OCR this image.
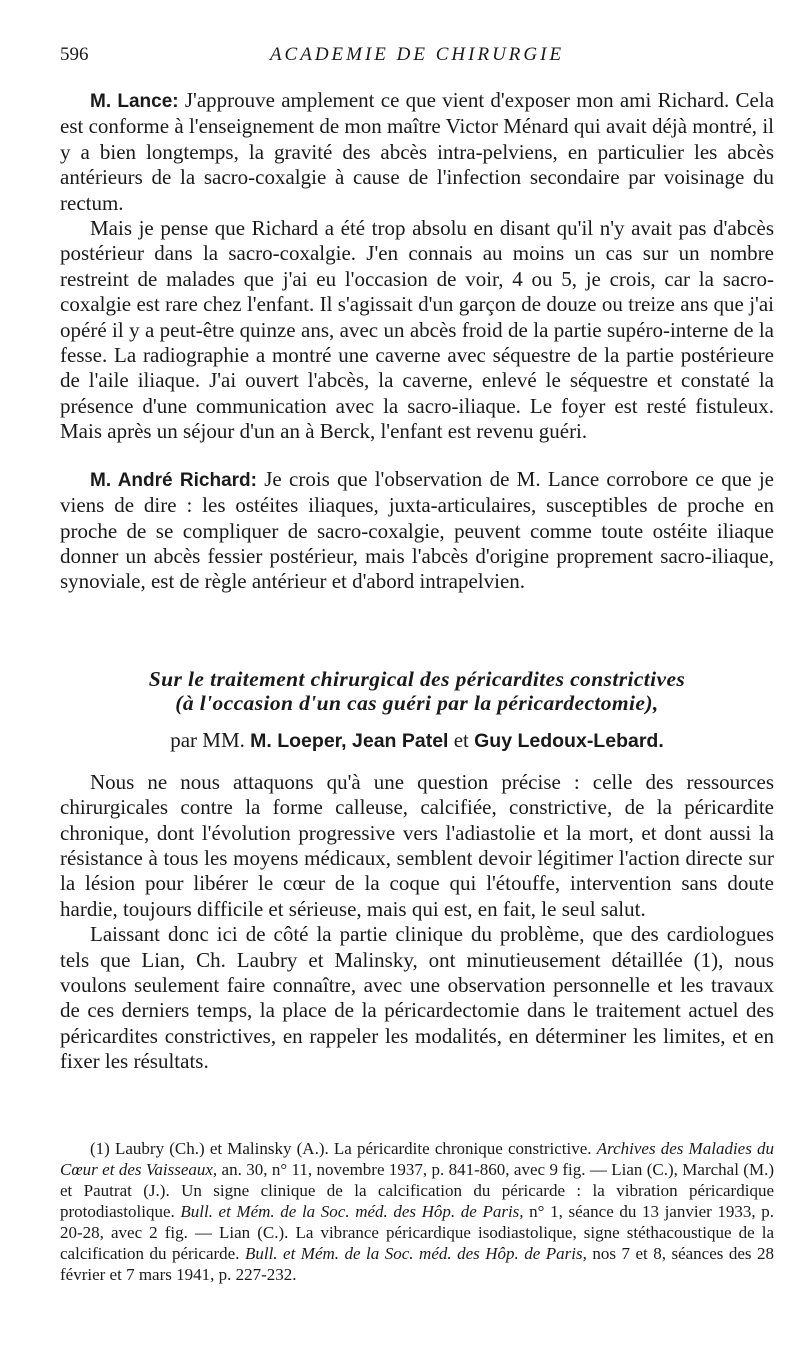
596	ACADEMIE DE CHIRURGIE

M. Lance: J'approuve amplement ce que vient d'exposer mon ami Richard. Cela est conforme à l'enseignement de mon maître Victor Ménard qui avait déjà montré, il y a bien longtemps, la gravité des abcès intra-pelviens, en particulier les abcès antérieurs de la sacro-coxalgie à cause de l'infection secondaire par voisinage du rectum.

Mais je pense que Richard a été trop absolu en disant qu'il n'y avait pas d'abcès postérieur dans la sacro-coxalgie. J'en connais au moins un cas sur un nombre restreint de malades que j'ai eu l'occasion de voir, 4 ou 5, je crois, car la sacro-coxalgie est rare chez l'enfant. Il s'agissait d'un garçon de douze ou treize ans que j'ai opéré il y a peut-être quinze ans, avec un abcès froid de la partie supéro-interne de la fesse. La radiographie a montré une caverne avec séquestre de la partie postérieure de l'aile iliaque. J'ai ouvert l'abcès, la caverne, enlevé le séquestre et constaté la présence d'une communication avec la sacro-iliaque. Le foyer est resté fistuleux. Mais après un séjour d'un an à Berck, l'enfant est revenu guéri.

M. André Richard: Je crois que l'observation de M. Lance corrobore ce que je viens de dire : les ostéites iliaques, juxta-articulaires, susceptibles de proche en proche de se compliquer de sacro-coxalgie, peuvent comme toute ostéite iliaque donner un abcès fessier postérieur, mais l'abcès d'origine proprement sacro-iliaque, synoviale, est de règle antérieur et d'abord intrapelvien.

Sur le traitement chirurgical des péricardites constrictives
(à l'occasion d'un cas guéri par la péricardectomie),
par MM. M. Loeper, Jean Patel et Guy Ledoux-Lebard.

Nous ne nous attaquons qu'à une question précise : celle des ressources chirurgicales contre la forme calleuse, calcifiée, constrictive, de la péricardite chronique, dont l'évolution progressive vers l'adiastolie et la mort, et dont aussi la résistance à tous les moyens médicaux, semblent devoir légitimer l'action directe sur la lésion pour libérer le cœur de la coque qui l'étouffe, intervention sans doute hardie, toujours difficile et sérieuse, mais qui est, en fait, le seul salut.

Laissant donc ici de côté la partie clinique du problème, que des cardiologues tels que Lian, Ch. Laubry et Malinsky, ont minutieusement détaillée (1), nous voulons seulement faire connaître, avec une observation personnelle et les travaux de ces derniers temps, la place de la péricardectomie dans le traitement actuel des péricardites constrictives, en rappeler les modalités, en déterminer les limites, et en fixer les résultats.

(1) Laubry (Ch.) et Malinsky (A.). La péricardite chronique constrictive. Archives des Maladies du Cœur et des Vaisseaux, an. 30, n° 11, novembre 1937, p. 841-860, avec 9 fig. — Lian (C.), Marchal (M.) et Pautrat (J.). Un signe clinique de la calcification du péricarde : la vibration péricardique protodiastolique. Bull. et Mém. de la Soc. méd. des Hôp. de Paris, n° 1, séance du 13 janvier 1933, p. 20-28, avec 2 fig. — Lian (C.). La vibrance péricardique isodiastolique, signe stéthacoustique de la calcification du péricarde. Bull. et Mém. de la Soc. méd. des Hôp. de Paris, nos 7 et 8, séances des 28 février et 7 mars 1941, p. 227-232.
